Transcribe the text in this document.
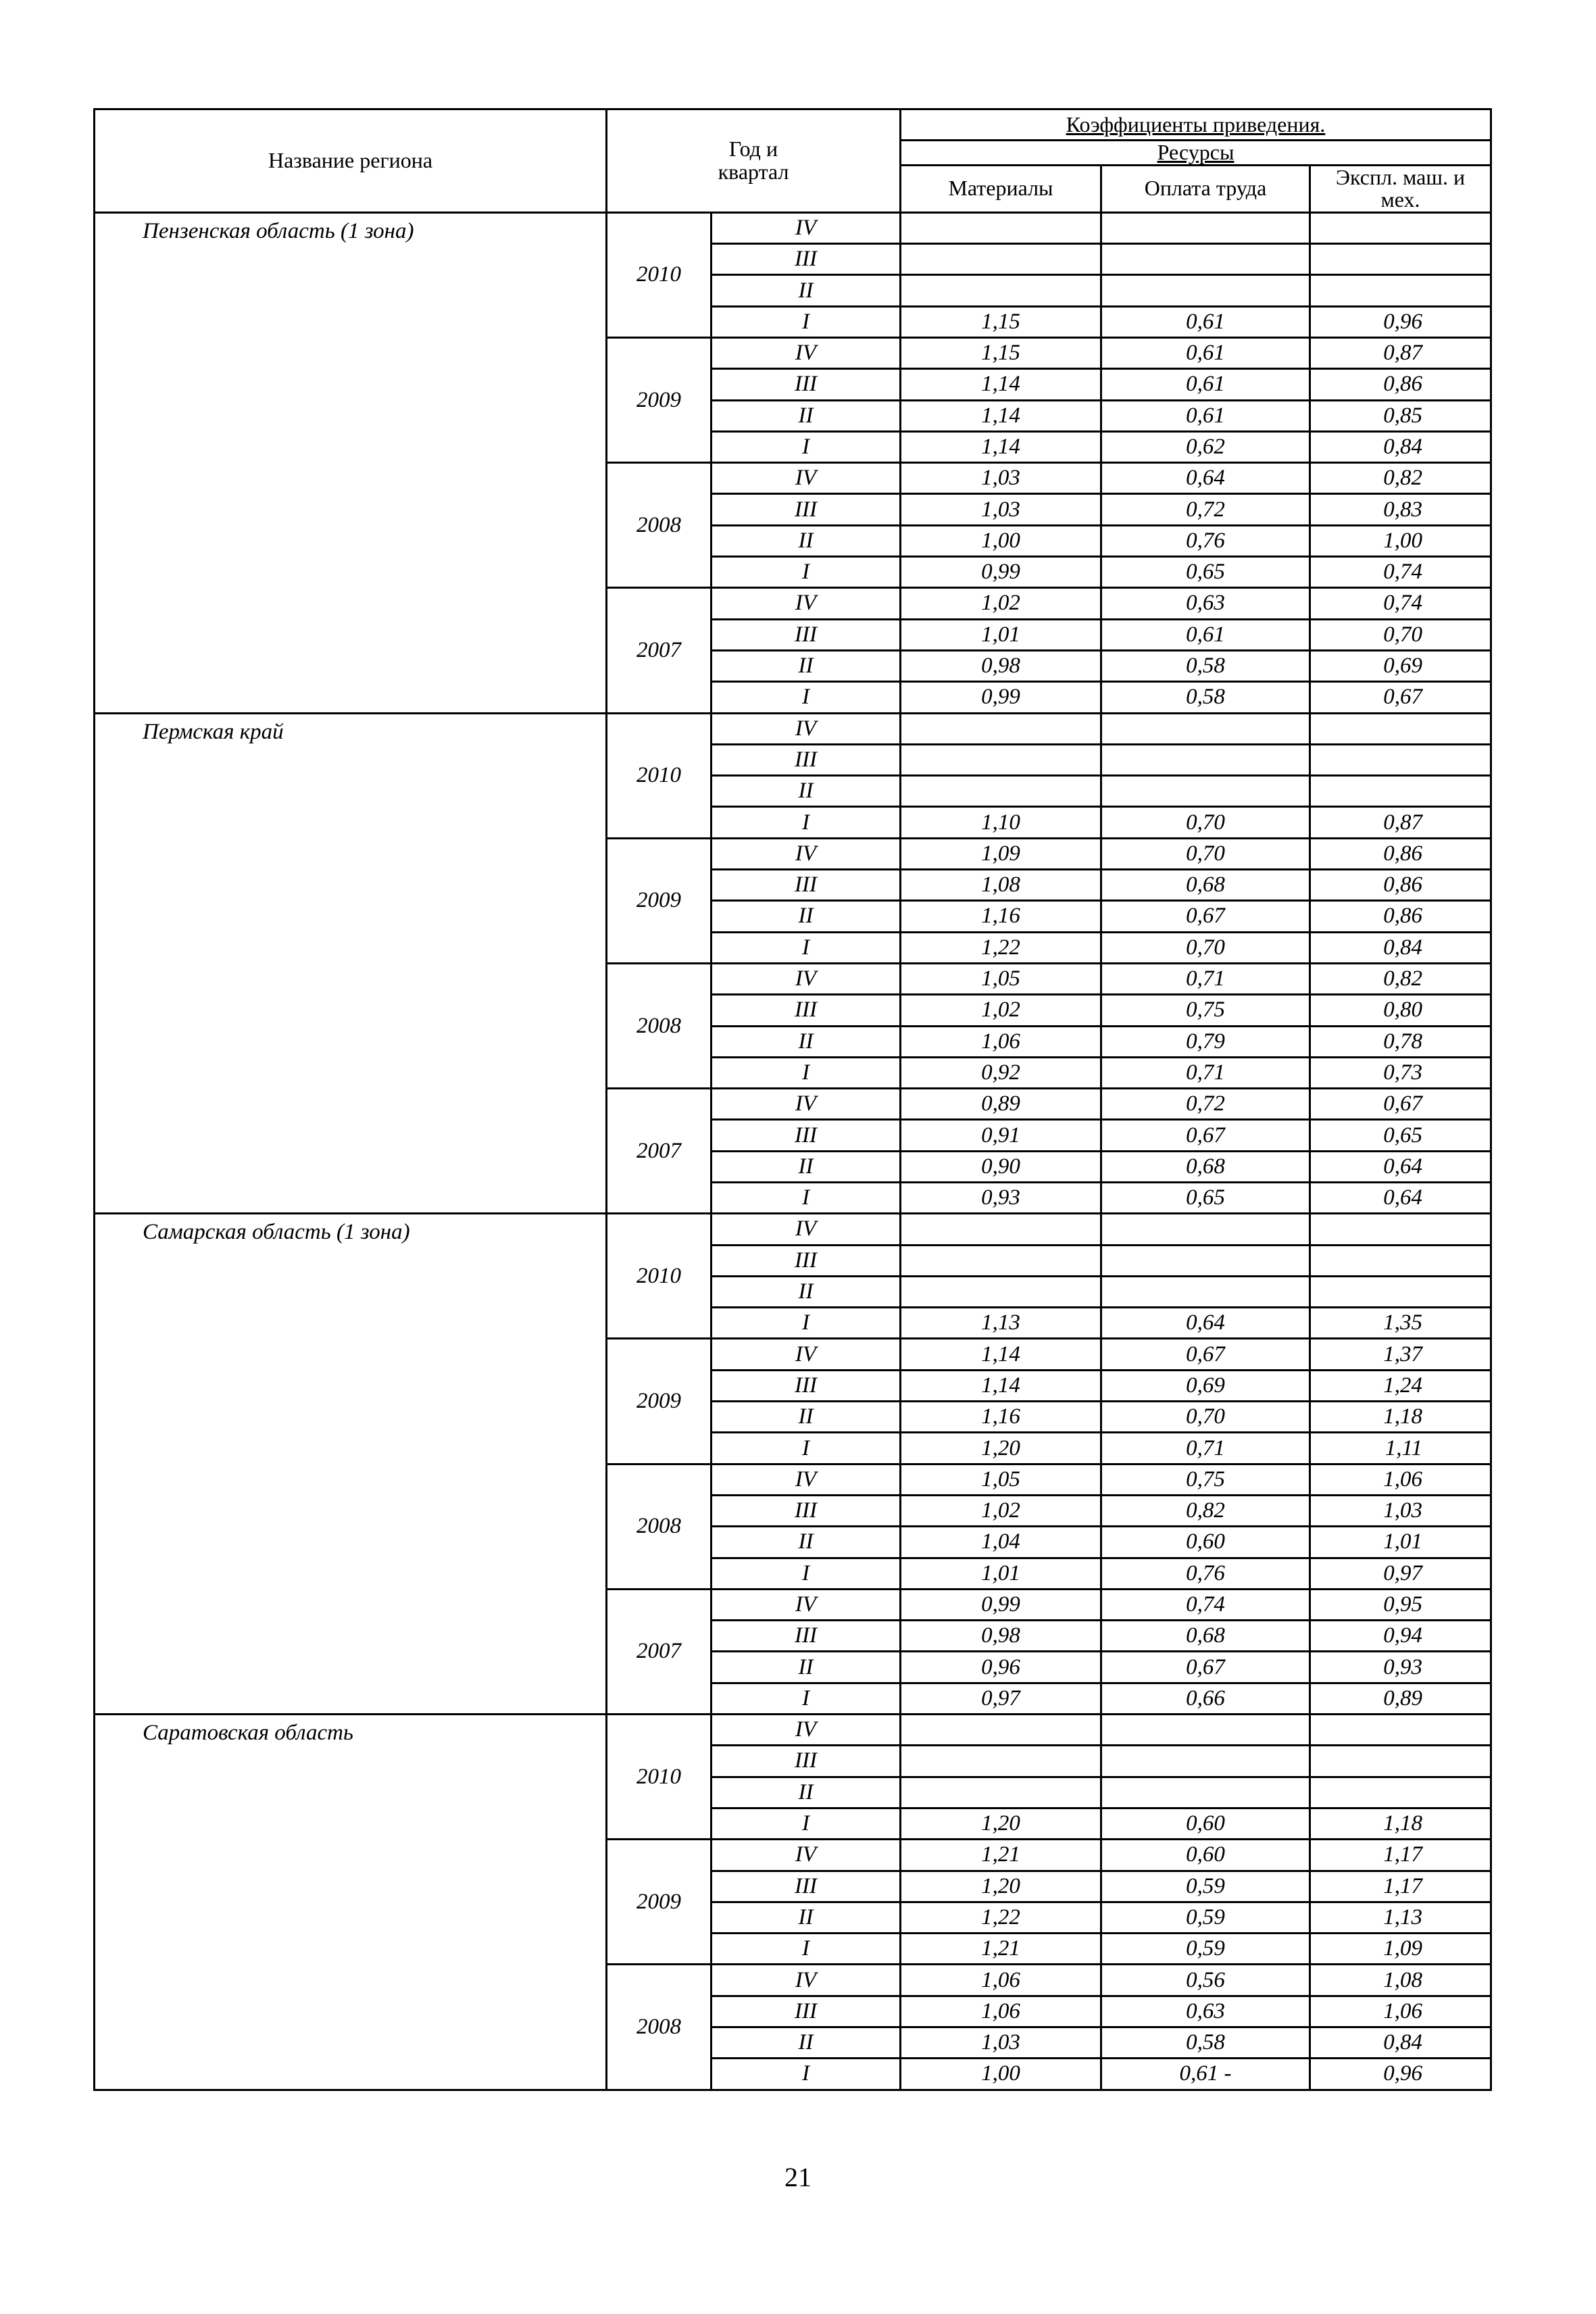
Название региона	Год и
квартал		Коэффициенты приведения.		
			Ресурсы		
			Материалы	Оплата труда	Экспл. маш. и
мех.
Пензенская область (1 зона)	2010	IV			
		III			
		II			
		I	1,15	0,61	0,96
	2009	IV	1,15	0,61	0,87
		III	1,14	0,61	0,86
		II	1,14	0,61	0,85
		I	1,14	0,62	0,84
	2008	IV	1,03	0,64	0,82
		III	1,03	0,72	0,83
		II	1,00	0,76	1,00
		I	0,99	0,65	0,74
	2007	IV	1,02	0,63	0,74
		III	1,01	0,61	0,70
		II	0,98	0,58	0,69
		I	0,99	0,58	0,67
Пермская край	2010	IV			
		III			
		II			
		I	1,10	0,70	0,87
	2009	IV	1,09	0,70	0,86
		III	1,08	0,68	0,86
		II	1,16	0,67	0,86
		I	1,22	0,70	0,84
	2008	IV	1,05	0,71	0,82
		III	1,02	0,75	0,80
		II	1,06	0,79	0,78
		I	0,92	0,71	0,73
	2007	IV	0,89	0,72	0,67
		III	0,91	0,67	0,65
		II	0,90	0,68	0,64
		I	0,93	0,65	0,64
Самарская область (1 зона)	2010	IV			
		III			
		II			
		I	1,13	0,64	1,35
	2009	IV	1,14	0,67	1,37
		III	1,14	0,69	1,24
		II	1,16	0,70	1,18
		I	1,20	0,71	1,11
	2008	IV	1,05	0,75	1,06
		III	1,02	0,82	1,03
		II	1,04	0,60	1,01
		I	1,01	0,76	0,97
	2007	IV	0,99	0,74	0,95
		III	0,98	0,68	0,94
		II	0,96	0,67	0,93
		I	0,97	0,66	0,89
Саратовская область	2010	IV			
		III			
		II			
		I	1,20	0,60	1,18
	2009	IV	1,21	0,60	1,17
		III	1,20	0,59	1,17
		II	1,22	0,59	1,13
		I	1,21	0,59	1,09
	2008	IV	1,06	0,56	1,08
		III	1,06	0,63	1,06
		II	1,03	0,58	0,84
		I	1,00	0,61 -	0,96
21
